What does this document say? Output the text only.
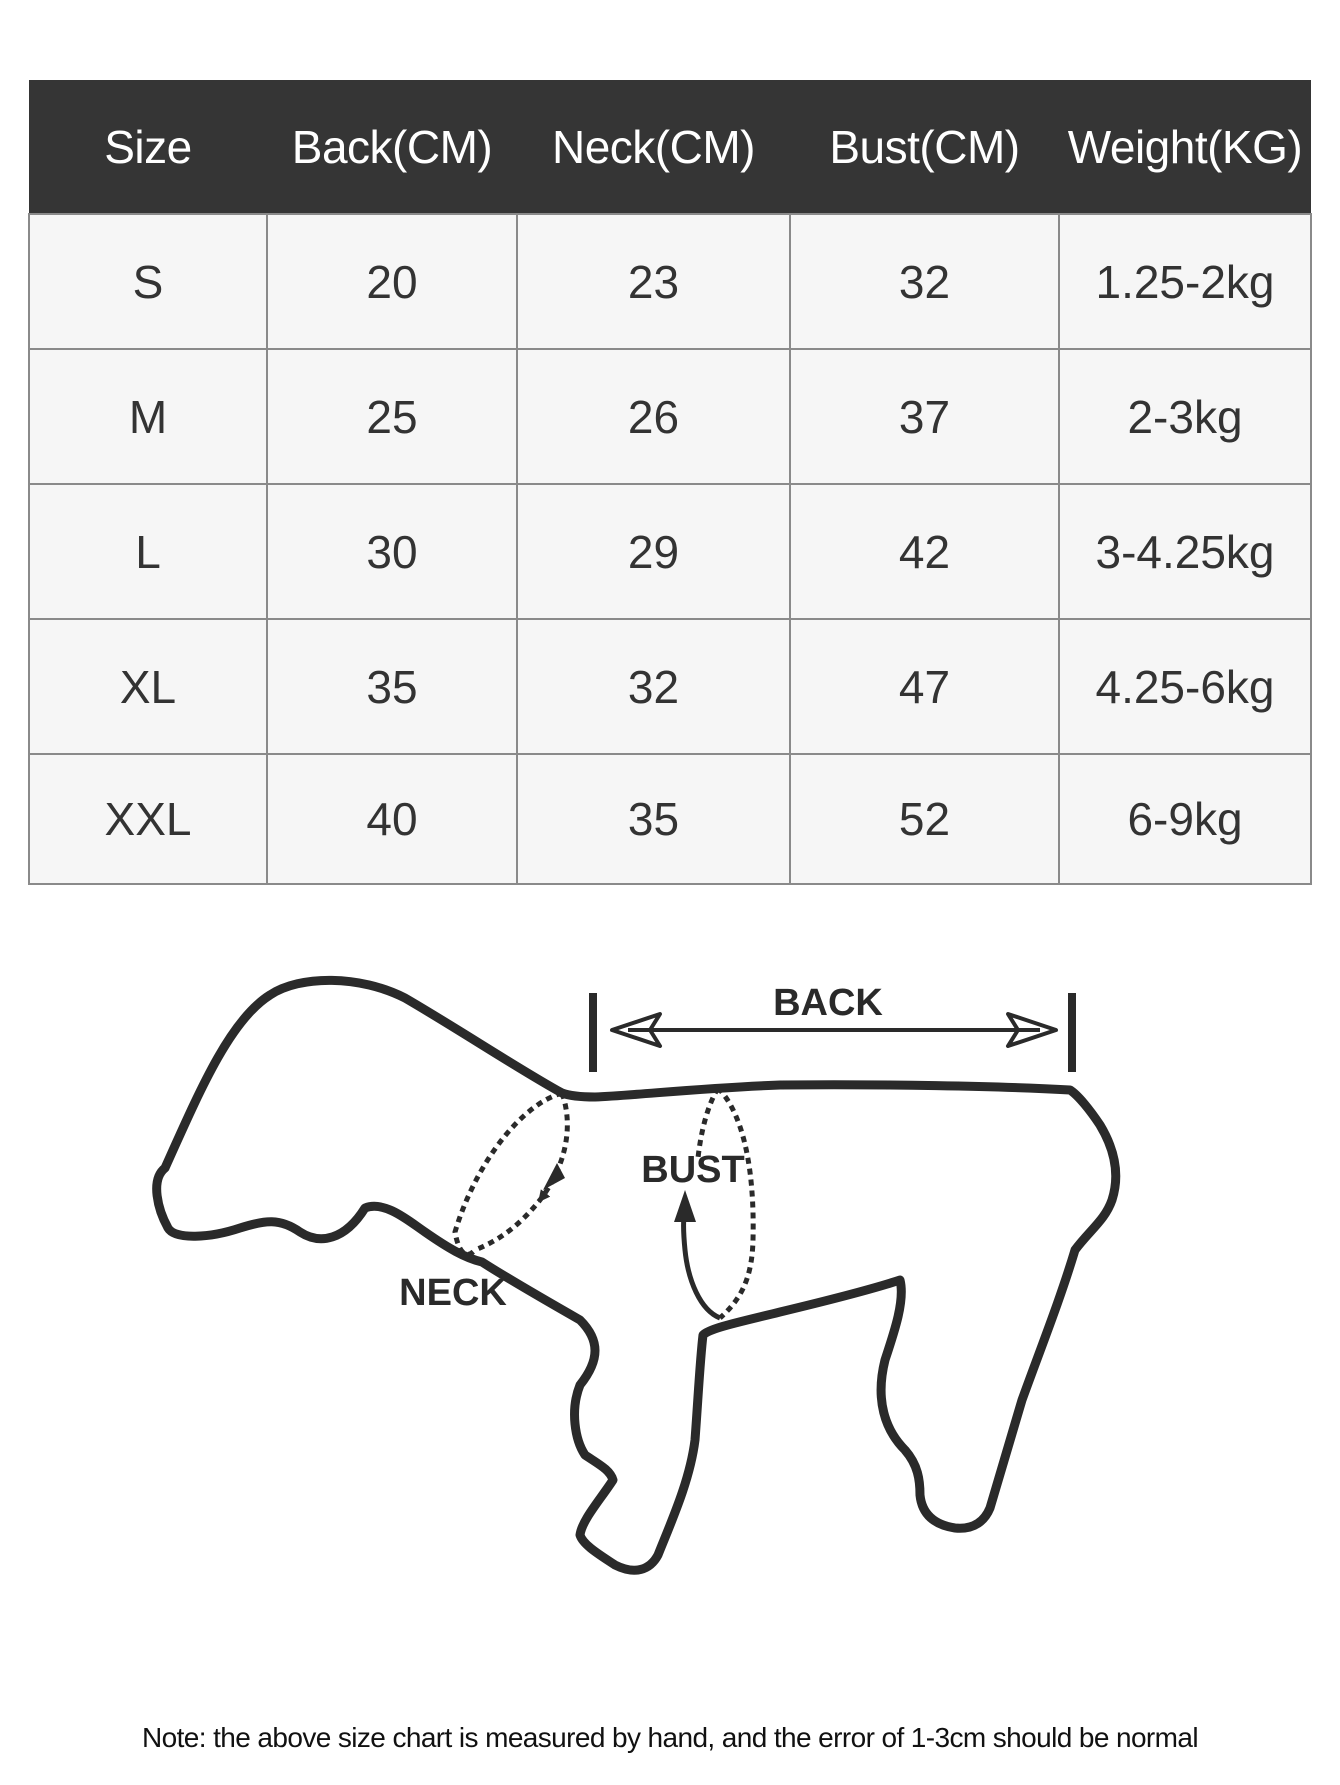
Size	Back(CM)	Neck(CM)	Bust(CM)	Weight(KG)
S	20	23	32	1.25-2kg
M	25	26	37	2-3kg
L	30	29	42	3-4.25kg
XL	35	32	47	4.25-6kg
XXL	40	35	52	6-9kg
BACK
BUST
NECK
Note: the above size chart is measured by hand, and the error of 1-3cm should be normal
